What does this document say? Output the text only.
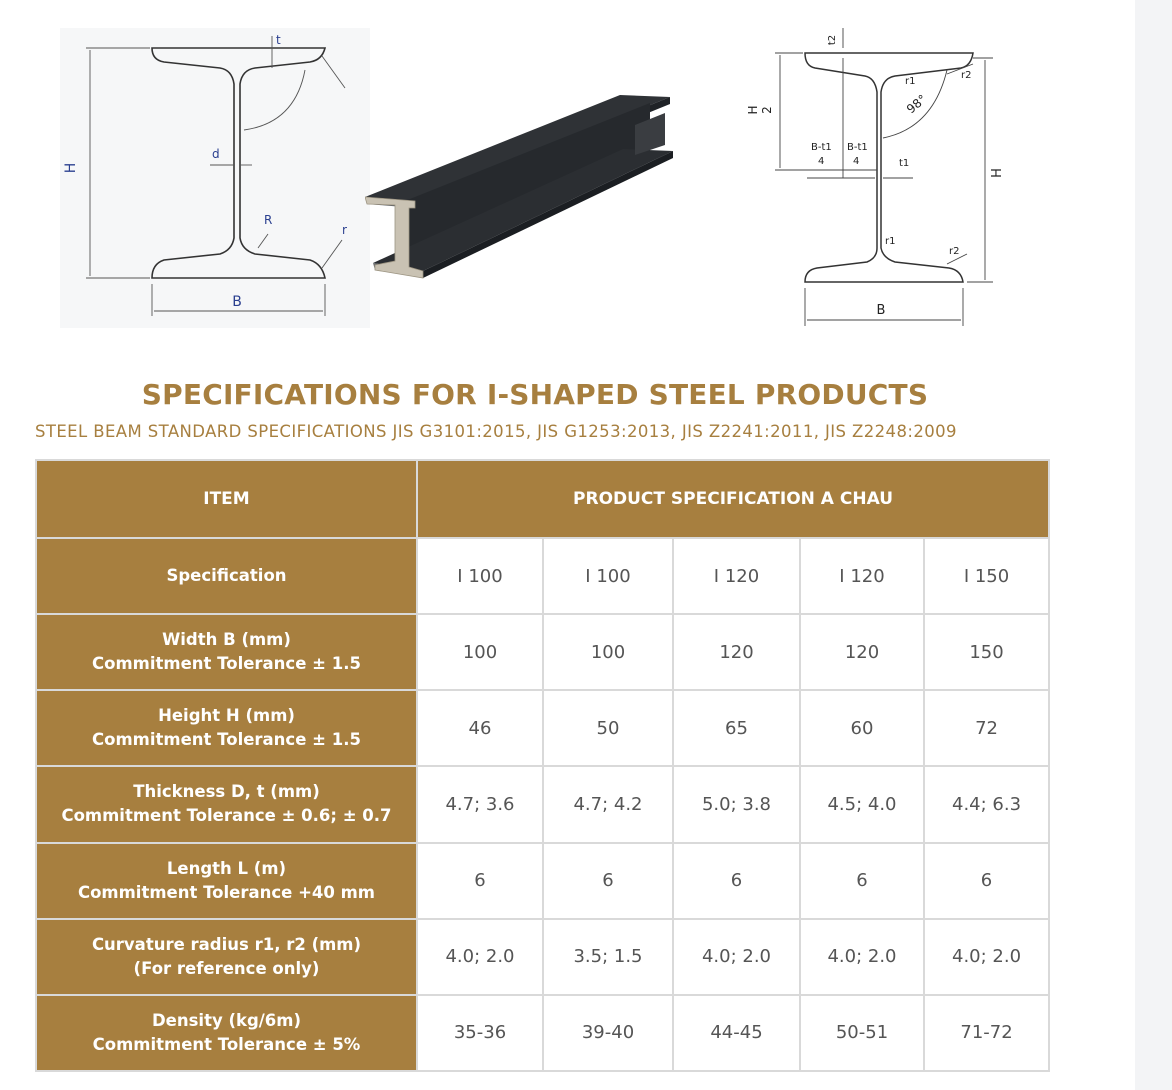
H
B
t
d
R
r
H 2
H
B
t2
t1
r1
r2
98°
B-t1
4
B-t1
4
r1
r2
SPECIFICATIONS FOR I-SHAPED STEEL PRODUCTS
STEEL BEAM STANDARD SPECIFICATIONS JIS G3101:2015, JIS G1253:2013, JIS Z2241:2011, JIS Z2248:2009
ITEM	PRODUCT SPECIFICATION A CHAU				

Specification	I 100	I 100	I 120	I 120	I 150

Width B (mm)
Commitment Tolerance ± 1.5	100	100	120	120	150

Height H (mm)
Commitment Tolerance ± 1.5	46	50	65	60	72

Thickness D, t (mm)
Commitment Tolerance ± 0.6; ± 0.7	4.7; 3.6	4.7; 4.2	5.0; 3.8	4.5; 4.0	4.4; 6.3

Length L (m)
Commitment Tolerance +40 mm	6	6	6	6	6

Curvature radius r1, r2 (mm)
(For reference only)	4.0; 2.0	3.5; 1.5	4.0; 2.0	4.0; 2.0	4.0; 2.0

Density (kg/6m)
Commitment Tolerance ± 5%	35-36	39-40	44-45	50-51	71-72
